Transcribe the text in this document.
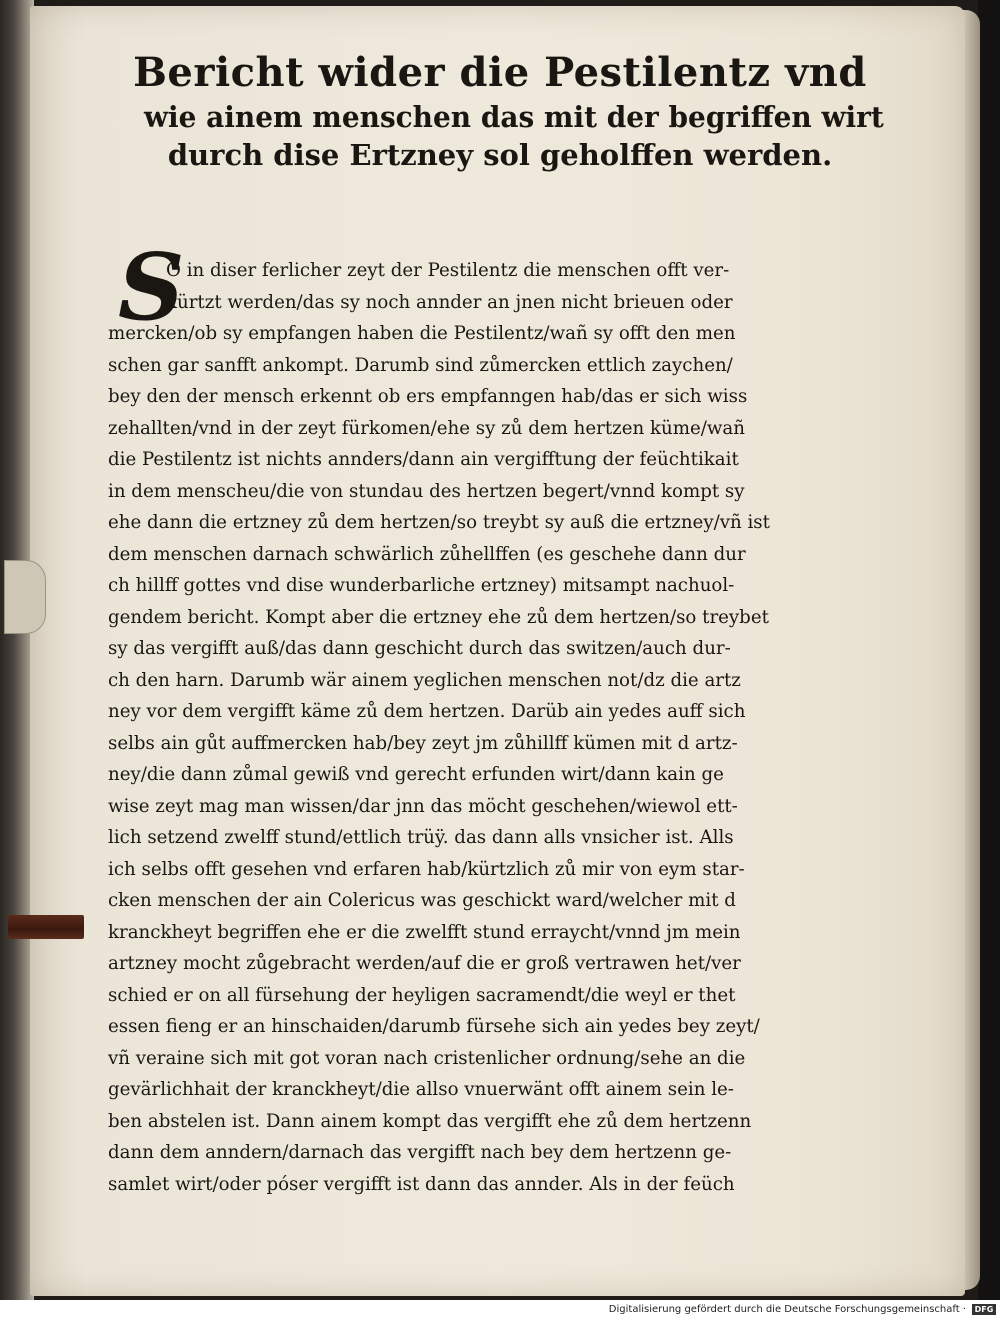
Bericht wider die Pestilentz vnd
wie ainem menschen das mit der begriffen wirt
durch dise Ertzney sol geholffen werden.
S
O in diser ferlicher zeyt der Pestilentz die menschen offt ver-
kürtzt werden/das sy noch annder an jnen nicht brieuen oder
mercken/ob sy empfangen haben die Pestilentz/wañ sy offt den men
schen gar sanfft ankompt. Darumb sind zůmercken ettlich zaychen/
bey den der mensch erkennt ob ers empfanngen hab/das er sich wiss
zehallten/vnd in der zeyt fürkomen/ehe sy zů dem hertzen küme/wañ
die Pestilentz ist nichts annders/dann ain vergifftung der feüchtikait
in dem menscheu/die von stundau des hertzen begert/vnnd kompt sy
ehe dann die ertzney zů dem hertzen/so treybt sy auß die ertzney/vñ ist
dem menschen darnach schwärlich zůhellffen (es geschehe dann dur
ch hillff gottes vnd dise wunderbarliche ertzney) mitsampt nachuol-
gendem bericht. Kompt aber die ertzney ehe zů dem hertzen/so treybet
sy das vergifft auß/das dann geschicht durch das switzen/auch dur-
ch den harn. Darumb wär ainem yeglichen menschen not/dz die artz
ney vor dem vergifft käme zů dem hertzen. Darüb ain yedes auff sich
selbs ain gůt auffmercken hab/bey zeyt jm zůhillff kümen mit d artz-
ney/die dann zůmal gewiß vnd gerecht erfunden wirt/dann kain ge
wise zeyt mag man wissen/dar jnn das möcht geschehen/wiewol ett-
lich setzend zwelff stund/ettlich trüÿ. das dann alls vnsicher ist. Alls
ich selbs offt gesehen vnd erfaren hab/kürtzlich zů mir von eym star-
cken menschen der ain Colericus was geschickt ward/welcher mit d
kranckheyt begriffen ehe er die zwelfft stund erraycht/vnnd jm mein
artzney mocht zůgebracht werden/auf die er groß vertrawen het/ver
schied er on all fürsehung der heyligen sacramendt/die weyl er thet
essen fieng er an hinschaiden/darumb fürsehe sich ain yedes bey zeyt/
vñ veraine sich mit got voran nach cristenlicher ordnung/sehe an die
gevärlichhait der kranckheyt/die allso vnuerwänt offt ainem sein le-
ben abstelen ist. Dann ainem kompt das vergifft ehe zů dem hertzenn
dann dem anndern/darnach das vergifft nach bey dem hertzenn ge-
samlet wirt/oder póser vergifft ist dann das annder. Als in der feüch
Digitalisierung gefördert durch die Deutsche Forschungsgemeinschaft · DFG
